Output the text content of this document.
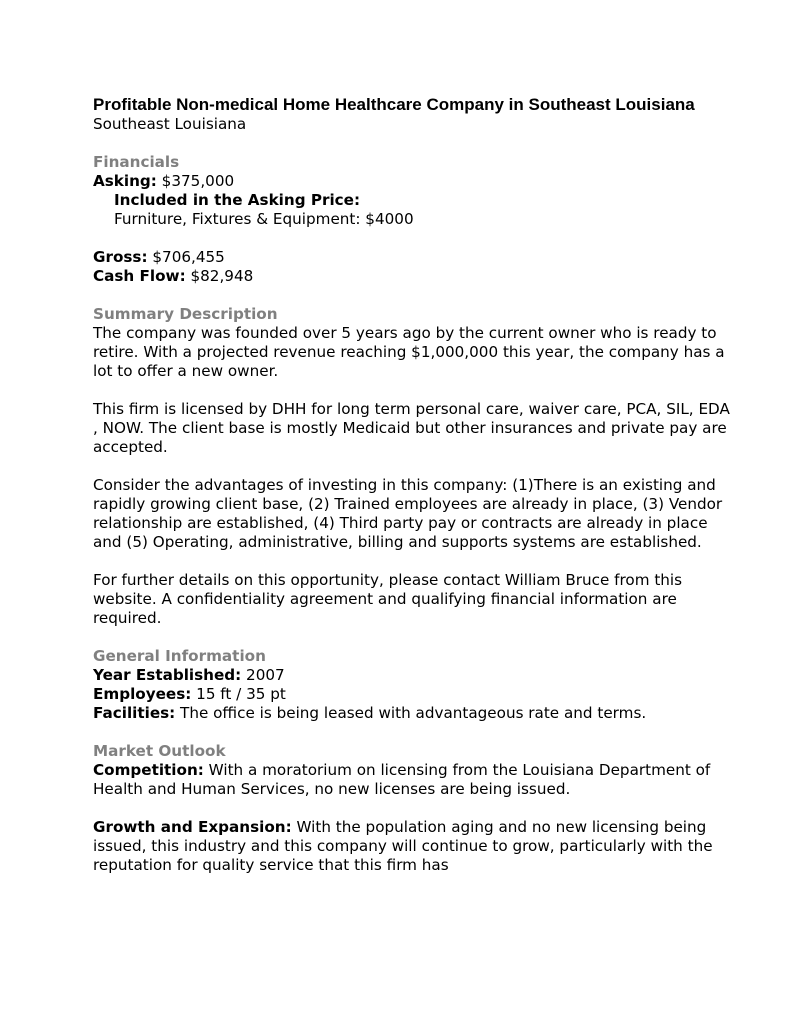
Profitable Non-medical Home Healthcare Company in Southeast Louisiana

Southeast Louisiana

Financials

Asking: $375,000

Included in the Asking Price:

Furniture, Fixtures & Equipment: $4000

Gross: $706,455

Cash Flow: $82,948

Summary Description

The company was founded over 5 years ago by the current owner who is ready to retire. With a projected revenue reaching $1,000,000 this year, the company has a lot to offer a new owner.

This firm is licensed by DHH for long term personal care, waiver care, PCA, SIL, EDA , NOW. The client base is mostly Medicaid but other insurances and private pay are accepted.

Consider the advantages of investing in this company: (1)There is an existing and rapidly growing client base, (2) Trained employees are already in place, (3) Vendor relationship are established, (4) Third party pay or contracts are already in place and (5) Operating, administrative, billing and supports systems are established.

For further details on this opportunity, please contact William Bruce from this website. A confidentiality agreement and qualifying financial information are required.

General Information

Year Established: 2007

Employees: 15 ft / 35 pt

Facilities: The office is being leased with advantageous rate and terms.

Market Outlook

Competition: With a moratorium on licensing from the Louisiana Department of Health and Human Services, no new licenses are being issued.

Growth and Expansion: With the population aging and no new licensing being issued, this industry and this company will continue to grow, particularly with the reputation for quality service that this firm has
